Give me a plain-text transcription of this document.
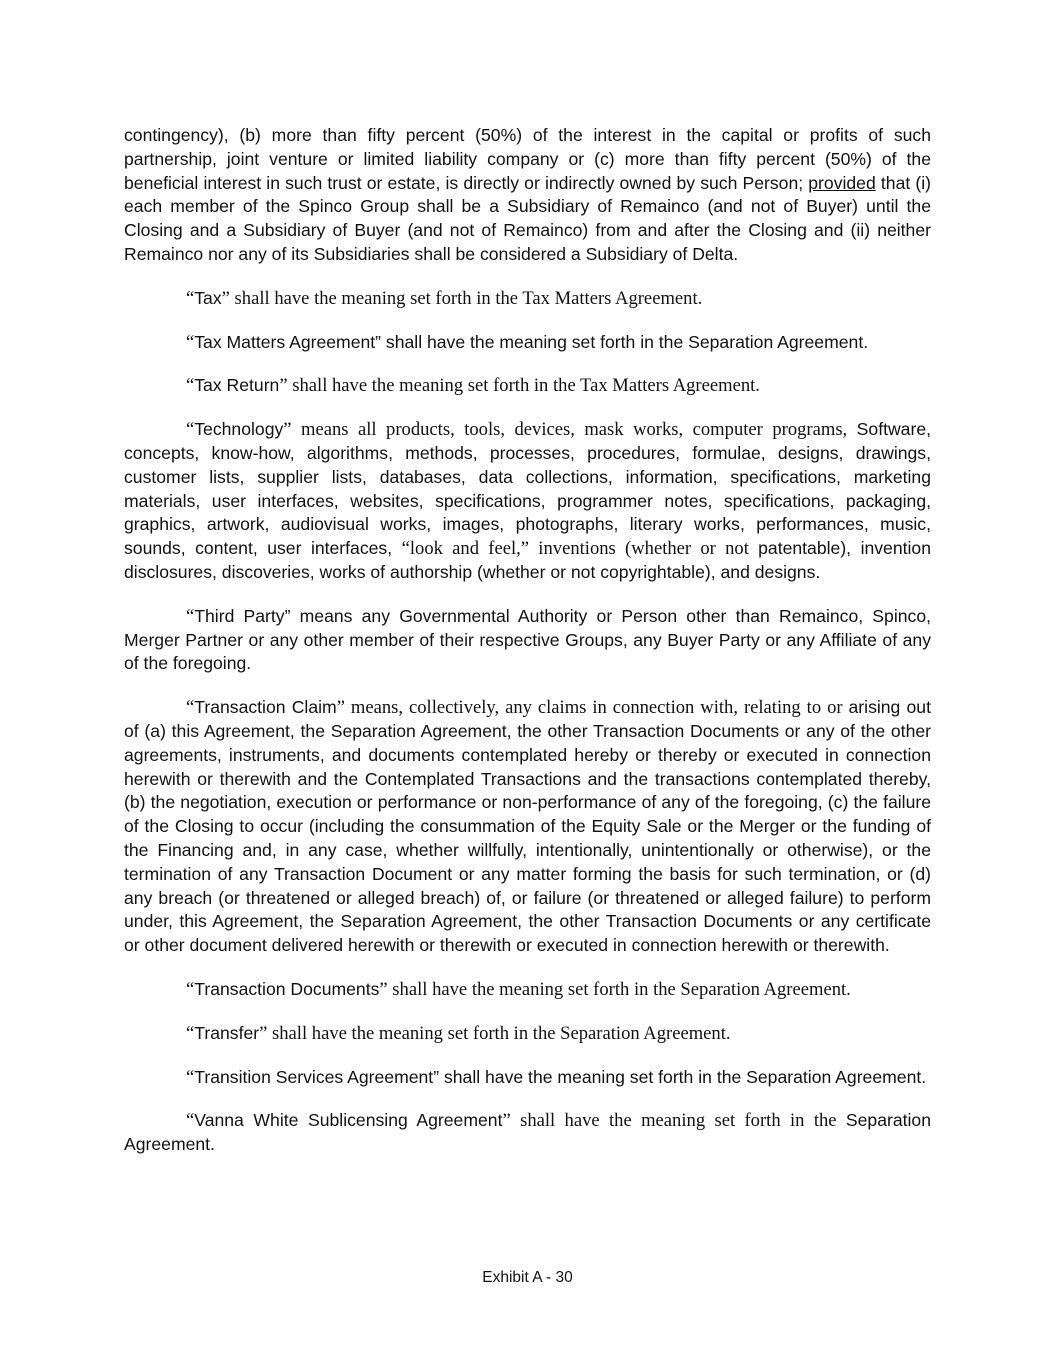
contingency), (b) more than fifty percent (50%) of the interest in the capital or profits of such partnership, joint venture or limited liability company or (c) more than fifty percent (50%) of the beneficial interest in such trust or estate, is directly or indirectly owned by such Person; provided that (i) each member of the Spinco Group shall be a Subsidiary of Remainco (and not of Buyer) until the Closing and a Subsidiary of Buyer (and not of Remainco) from and after the Closing and (ii) neither Remainco nor any of its Subsidiaries shall be considered a Subsidiary of Delta.

“Tax” shall have the meaning set forth in the Tax Matters Agreement.

“Tax Matters Agreement” shall have the meaning set forth in the Separation Agreement.

“Tax Return” shall have the meaning set forth in the Tax Matters Agreement.

“Technology” means all products, tools, devices, mask works, computer programs, Software, concepts, know-how, algorithms, methods, processes, procedures, formulae, designs, drawings, customer lists, supplier lists, databases, data collections, information, specifications, marketing materials, user interfaces, websites, specifications, programmer notes, specifications, packaging, graphics, artwork, audiovisual works, images, photographs, literary works, performances, music, sounds, content, user interfaces, “look and feel,” inventions (whether or not patentable), invention disclosures, discoveries, works of authorship (whether or not copyrightable), and designs.

“Third Party” means any Governmental Authority or Person other than Remainco, Spinco, Merger Partner or any other member of their respective Groups, any Buyer Party or any Affiliate of any of the foregoing.

“Transaction Claim” means, collectively, any claims in connection with, relating to or arising out of (a) this Agreement, the Separation Agreement, the other Transaction Documents or any of the other agreements, instruments, and documents contemplated hereby or thereby or executed in connection herewith or therewith and the Contemplated Transactions and the transactions contemplated thereby, (b) the negotiation, execution or performance or non-performance of any of the foregoing, (c) the failure of the Closing to occur (including the consummation of the Equity Sale or the Merger or the funding of the Financing and, in any case, whether willfully, intentionally, unintentionally or otherwise), or the termination of any Transaction Document or any matter forming the basis for such termination, or (d) any breach (or threatened or alleged breach) of, or failure (or threatened or alleged failure) to perform under, this Agreement, the Separation Agreement, the other Transaction Documents or any certificate or other document delivered herewith or therewith or executed in connection herewith or therewith.

“Transaction Documents” shall have the meaning set forth in the Separation Agreement.

“Transfer” shall have the meaning set forth in the Separation Agreement.

“Transition Services Agreement” shall have the meaning set forth in the Separation Agreement.

“Vanna White Sublicensing Agreement” shall have the meaning set forth in the Separation Agreement.

Exhibit A - 30
